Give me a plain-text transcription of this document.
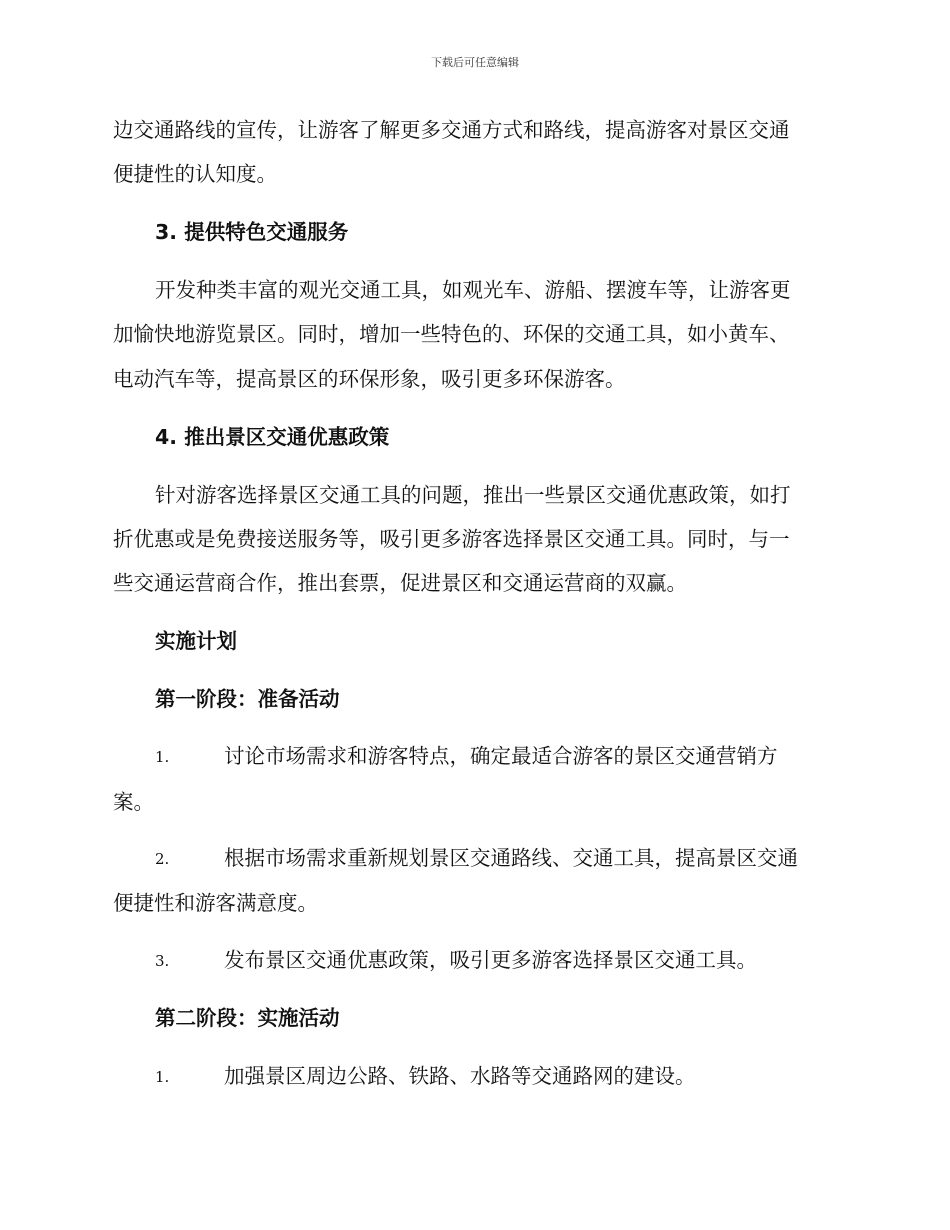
下载后可任意编辑
边交通路线的宣传，让游客了解更多交通方式和路线，提高游客对景区交通
便捷性的认知度。
3. 提供特色交通服务
开发种类丰富的观光交通工具，如观光车、游船、摆渡车等，让游客更
加愉快地游览景区。同时，增加一些特色的、环保的交通工具，如小黄车、
电动汽车等，提高景区的环保形象，吸引更多环保游客。
4. 推出景区交通优惠政策
针对游客选择景区交通工具的问题，推出一些景区交通优惠政策，如打
折优惠或是免费接送服务等，吸引更多游客选择景区交通工具。同时，与一
些交通运营商合作，推出套票，促进景区和交通运营商的双赢。
实施计划
第一阶段：准备活动
1.	讨论市场需求和游客特点，确定最适合游客的景区交通营销方
案。
2.	根据市场需求重新规划景区交通路线、交通工具，提高景区交通
便捷性和游客满意度。
3.	发布景区交通优惠政策，吸引更多游客选择景区交通工具。
第二阶段：实施活动
1.	加强景区周边公路、铁路、水路等交通路网的建设。
